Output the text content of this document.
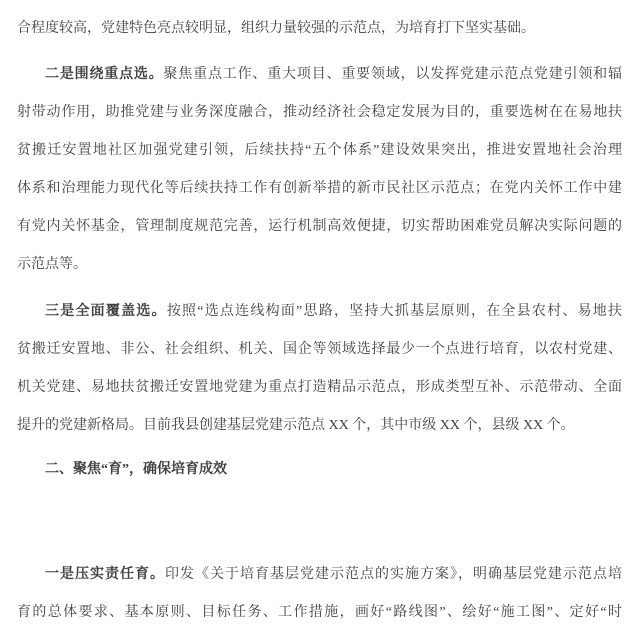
合程度较高，党建特色亮点较明显，组织力量较强的示范点，为培育打下坚实基础。
二是围绕重点选。聚焦重点工作、重大项目、重要领域，以发挥党建示范点党建引领和辐
射带动作用，助推党建与业务深度融合，推动经济社会稳定发展为目的，重要选树在在易地扶
贫搬迁安置地社区加强党建引领，后续扶持“五个体系”建设效果突出，推进安置地社会治理
体系和治理能力现代化等后续扶持工作有创新举措的新市民社区示范点；在党内关怀工作中建
有党内关怀基金，管理制度规范完善，运行机制高效便捷，切实帮助困难党员解决实际问题的
示范点等。
三是全面覆盖选。按照“选点连线构面”思路，坚持大抓基层原则，在全县农村、易地扶
贫搬迁安置地、非公、社会组织、机关、国企等领域选择最少一个点进行培育，以农村党建、
机关党建、易地扶贫搬迁安置地党建为重点打造精品示范点，形成类型互补、示范带动、全面
提升的党建新格局。目前我县创建基层党建示范点 XX 个，其中市级 XX 个，县级 XX 个。
二、聚焦“育”，确保培育成效
一是压实责任育。印发《关于培育基层党建示范点的实施方案》，明确基层党建示范点培
育的总体要求、基本原则、目标任务、工作措施，画好“路线图”、绘好“施工图”、定好“时
